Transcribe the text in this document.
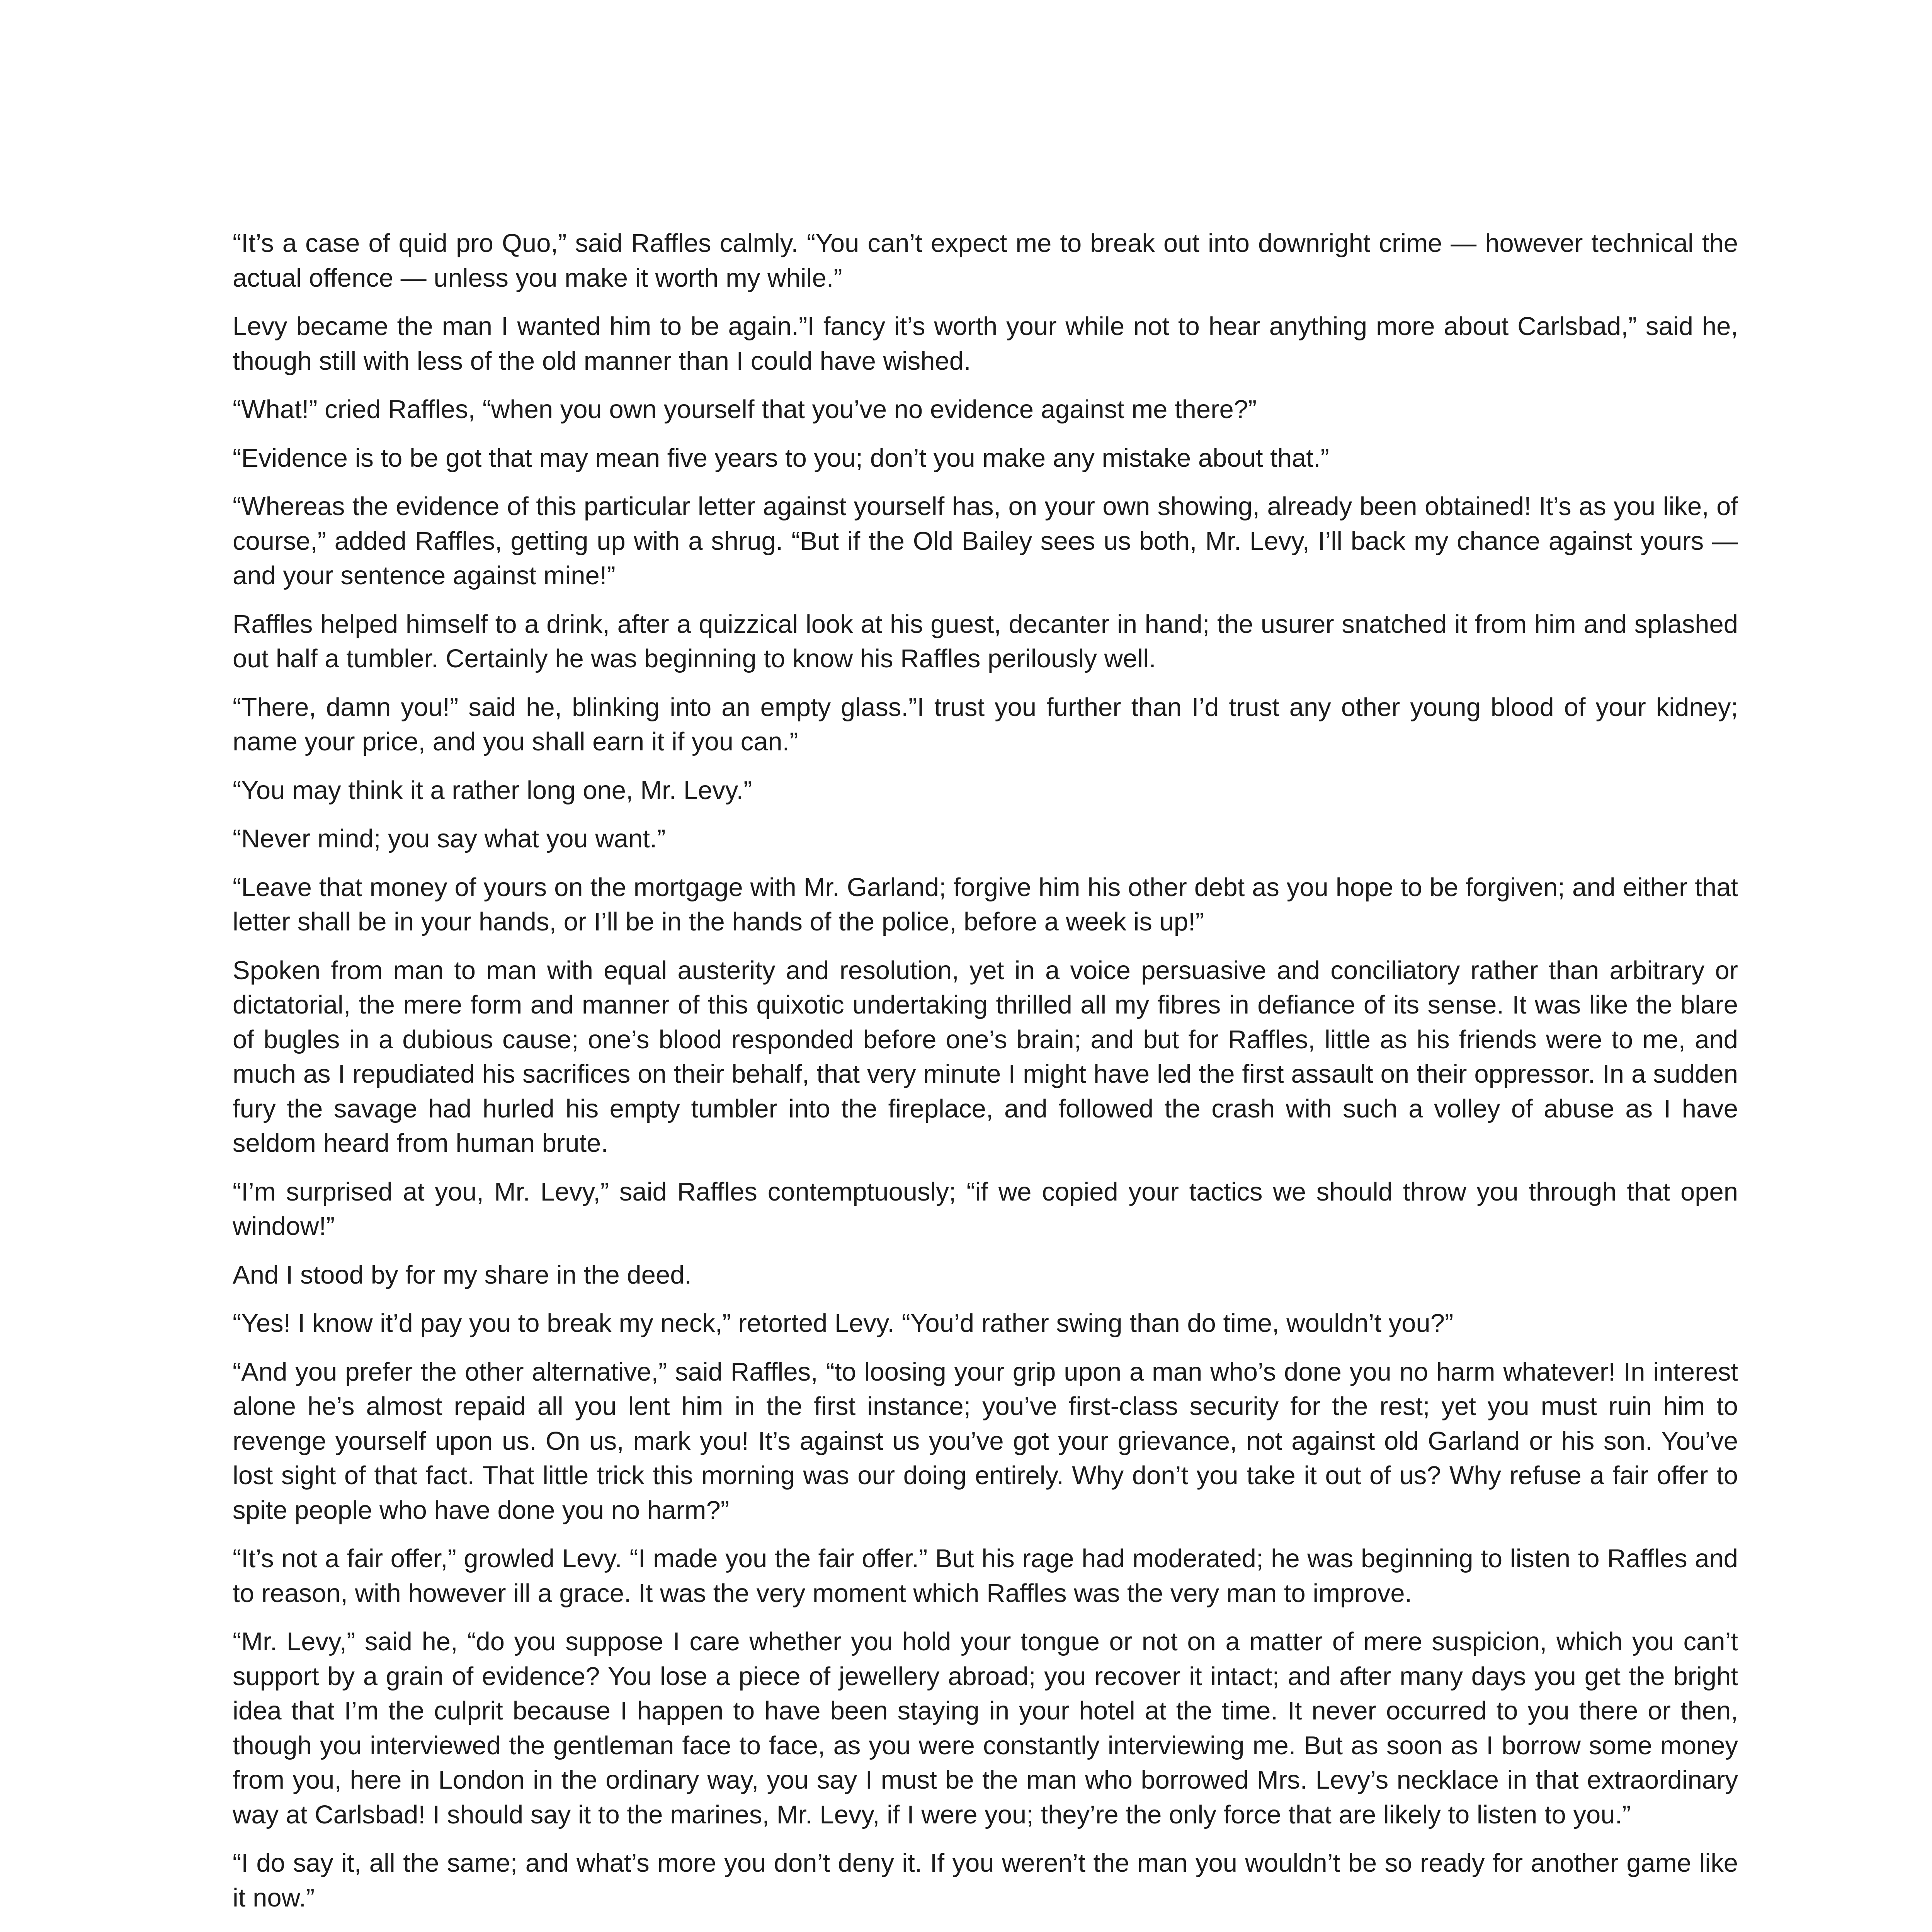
“It’s a case of quid pro Quo,” said Raffles calmly. “You can’t expect me to break out into downright crime — however technical the actual offence — unless you make it worth my while.”

Levy became the man I wanted him to be again.”I fancy it’s worth your while not to hear anything more about Carlsbad,” said he, though still with less of the old manner than I could have wished.

“What!” cried Raffles, “when you own yourself that you’ve no evidence against me there?”

“Evidence is to be got that may mean five years to you; don’t you make any mistake about that.”

“Whereas the evidence of this particular letter against yourself has, on your own showing, already been obtained! It’s as you like, of course,” added Raffles, getting up with a shrug. “But if the Old Bailey sees us both, Mr. Levy, I’ll back my chance against yours — and your sentence against mine!”

Raffles helped himself to a drink, after a quizzical look at his guest, decanter in hand; the usurer snatched it from him and splashed out half a tumbler. Certainly he was beginning to know his Raffles perilously well.

“There, damn you!” said he, blinking into an empty glass.”I trust you further than I’d trust any other young blood of your kidney; name your price, and you shall earn it if you can.”

“You may think it a rather long one, Mr. Levy.”

“Never mind; you say what you want.”

“Leave that money of yours on the mortgage with Mr. Garland; forgive him his other debt as you hope to be forgiven; and either that letter shall be in your hands, or I’ll be in the hands of the police, before a week is up!”

Spoken from man to man with equal austerity and resolution, yet in a voice persuasive and conciliatory rather than arbitrary or dictatorial, the mere form and manner of this quixotic undertaking thrilled all my fibres in defiance of its sense. It was like the blare of bugles in a dubious cause; one’s blood responded before one’s brain; and but for Raffles, little as his friends were to me, and much as I repudiated his sacrifices on their behalf, that very minute I might have led the first assault on their oppressor. In a sudden fury the savage had hurled his empty tumbler into the fireplace, and followed the crash with such a volley of abuse as I have seldom heard from human brute.

“I’m surprised at you, Mr. Levy,” said Raffles contemptuously; “if we copied your tactics we should throw you through that open window!”

And I stood by for my share in the deed.

“Yes! I know it’d pay you to break my neck,” retorted Levy. “You’d rather swing than do time, wouldn’t you?”

“And you prefer the other alternative,” said Raffles, “to loosing your grip upon a man who’s done you no harm whatever! In interest alone he’s almost repaid all you lent him in the first instance; you’ve first-class security for the rest; yet you must ruin him to revenge yourself upon us. On us, mark you! It’s against us you’ve got your grievance, not against old Garland or his son. You’ve lost sight of that fact. That little trick this morning was our doing entirely. Why don’t you take it out of us? Why refuse a fair offer to spite people who have done you no harm?”

“It’s not a fair offer,” growled Levy. “I made you the fair offer.” But his rage had moderated; he was beginning to listen to Raffles and to reason, with however ill a grace. It was the very moment which Raffles was the very man to improve.

“Mr. Levy,” said he, “do you suppose I care whether you hold your tongue or not on a matter of mere suspicion, which you can’t support by a grain of evidence? You lose a piece of jewellery abroad; you recover it intact; and after many days you get the bright idea that I’m the culprit because I happen to have been staying in your hotel at the time. It never occurred to you there or then, though you interviewed the gentleman face to face, as you were constantly interviewing me. But as soon as I borrow some money from you, here in London in the ordinary way, you say I must be the man who borrowed Mrs. Levy’s necklace in that extraordinary way at Carlsbad! I should say it to the marines, Mr. Levy, if I were you; they’re the only force that are likely to listen to you.”

“I do say it, all the same; and what’s more you don’t deny it. If you weren’t the man you wouldn’t be so ready for another game like it now.”
